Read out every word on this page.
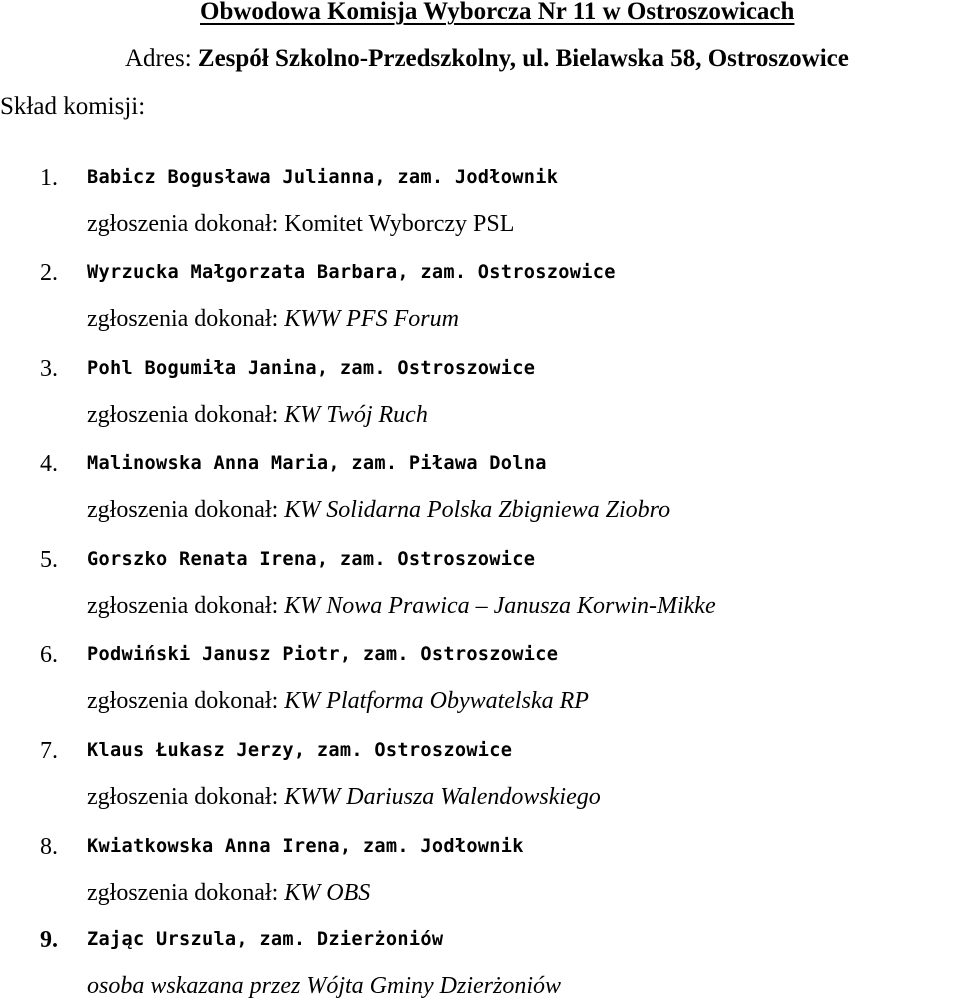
Obwodowa Komisja Wyborcza Nr 11 w Ostroszowicach
Adres: Zespół Szkolno-Przedszkolny, ul. Bielawska 58, Ostroszowice
Skład komisji:
1. Babicz Bogusława Julianna, zam. Jodłownik
zgłoszenia dokonał: Komitet Wyborczy PSL
2. Wyrzucka Małgorzata Barbara, zam. Ostroszowice
zgłoszenia dokonał: KWW PFS Forum
3. Pohl Bogumiła Janina, zam. Ostroszowice
zgłoszenia dokonał: KW Twój Ruch
4. Malinowska Anna Maria, zam. Piława Dolna
zgłoszenia dokonał: KW Solidarna Polska Zbigniewa Ziobro
5. Gorszko Renata Irena, zam. Ostroszowice
zgłoszenia dokonał: KW Nowa Prawica – Janusza Korwin-Mikke
6. Podwiński Janusz Piotr, zam. Ostroszowice
zgłoszenia dokonał: KW Platforma Obywatelska RP
7. Klaus Łukasz Jerzy, zam. Ostroszowice
zgłoszenia dokonał: KWW Dariusza Walendowskiego
8. Kwiatkowska Anna Irena, zam. Jodłownik
zgłoszenia dokonał: KW OBS
9. Zając Urszula, zam. Dzierżoniów
osoba wskazana przez Wójta Gminy Dzierżoniów
